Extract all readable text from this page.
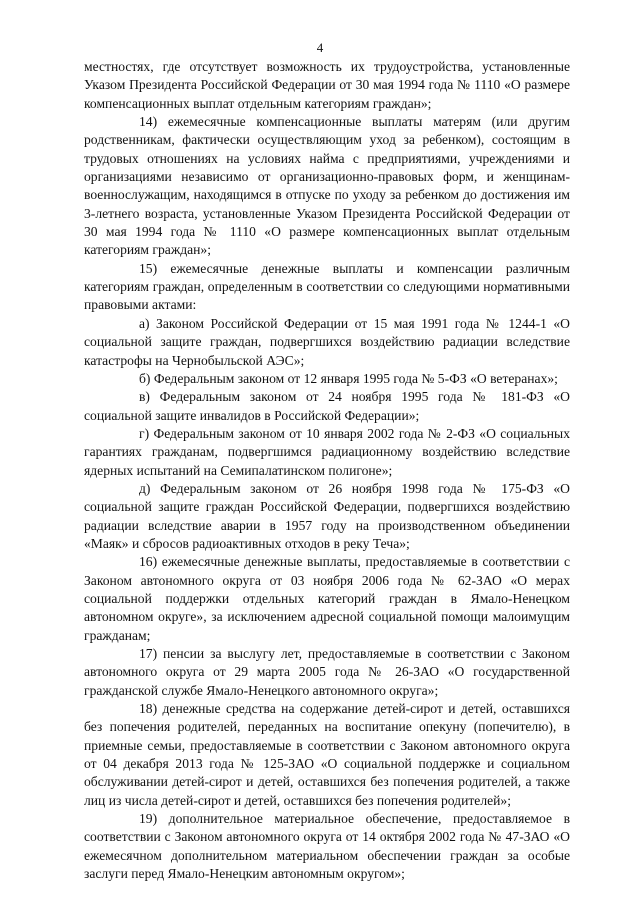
4

местностях, где отсутствует возможность их трудоустройства, установленные Указом Президента Российской Федерации от 30 мая 1994 года № 1110 «О размере компенсационных выплат отдельным категориям граждан»;

14) ежемесячные компенсационные выплаты матерям (или другим родственникам, фактически осуществляющим уход за ребенком), состоящим в трудовых отношениях на условиях найма с предприятиями, учреждениями и организациями независимо от организационно-правовых форм, и женщинам-военнослужащим, находящимся в отпуске по уходу за ребенком до достижения им 3-летнего возраста, установленные Указом Президента Российской Федерации от 30 мая 1994 года № 1110 «О размере компенсационных выплат отдельным категориям граждан»;

15) ежемесячные денежные выплаты и компенсации различным категориям граждан, определенным в соответствии со следующими нормативными правовыми актами:

а) Законом Российской Федерации от 15 мая 1991 года № 1244-1 «О социальной защите граждан, подвергшихся воздействию радиации вследствие катастрофы на Чернобыльской АЭС»;

б) Федеральным законом от 12 января 1995 года № 5-ФЗ «О ветеранах»;

в) Федеральным законом от 24 ноября 1995 года № 181-ФЗ «О социальной защите инвалидов в Российской Федерации»;

г) Федеральным законом от 10 января 2002 года № 2-ФЗ «О социальных гарантиях гражданам, подвергшимся радиационному воздействию вследствие ядерных испытаний на Семипалатинском полигоне»;

д) Федеральным законом от 26 ноября 1998 года № 175-ФЗ «О социальной защите граждан Российской Федерации, подвергшихся воздействию радиации вследствие аварии в 1957 году на производственном объединении «Маяк» и сбросов радиоактивных отходов в реку Теча»;

16) ежемесячные денежные выплаты, предоставляемые в соответствии с Законом автономного округа от 03 ноября 2006 года № 62-ЗАО «О мерах социальной поддержки отдельных категорий граждан в Ямало-Ненецком автономном округе», за исключением адресной социальной помощи малоимущим гражданам;

17) пенсии за выслугу лет, предоставляемые в соответствии с Законом автономного округа от 29 марта 2005 года № 26-ЗАО «О государственной гражданской службе Ямало-Ненецкого автономного округа»;

18) денежные средства на содержание детей-сирот и детей, оставшихся без попечения родителей, переданных на воспитание опекуну (попечителю), в приемные семьи, предоставляемые в соответствии с Законом автономного округа от 04 декабря 2013 года № 125-ЗАО «О социальной поддержке и социальном обслуживании детей-сирот и детей, оставшихся без попечения родителей, а также лиц из числа детей-сирот и детей, оставшихся без попечения родителей»;

19) дополнительное материальное обеспечение, предоставляемое в соответствии с Законом автономного округа от 14 октября 2002 года № 47-ЗАО «О ежемесячном дополнительном материальном обеспечении граждан за особые заслуги перед Ямало-Ненецким автономным округом»;
